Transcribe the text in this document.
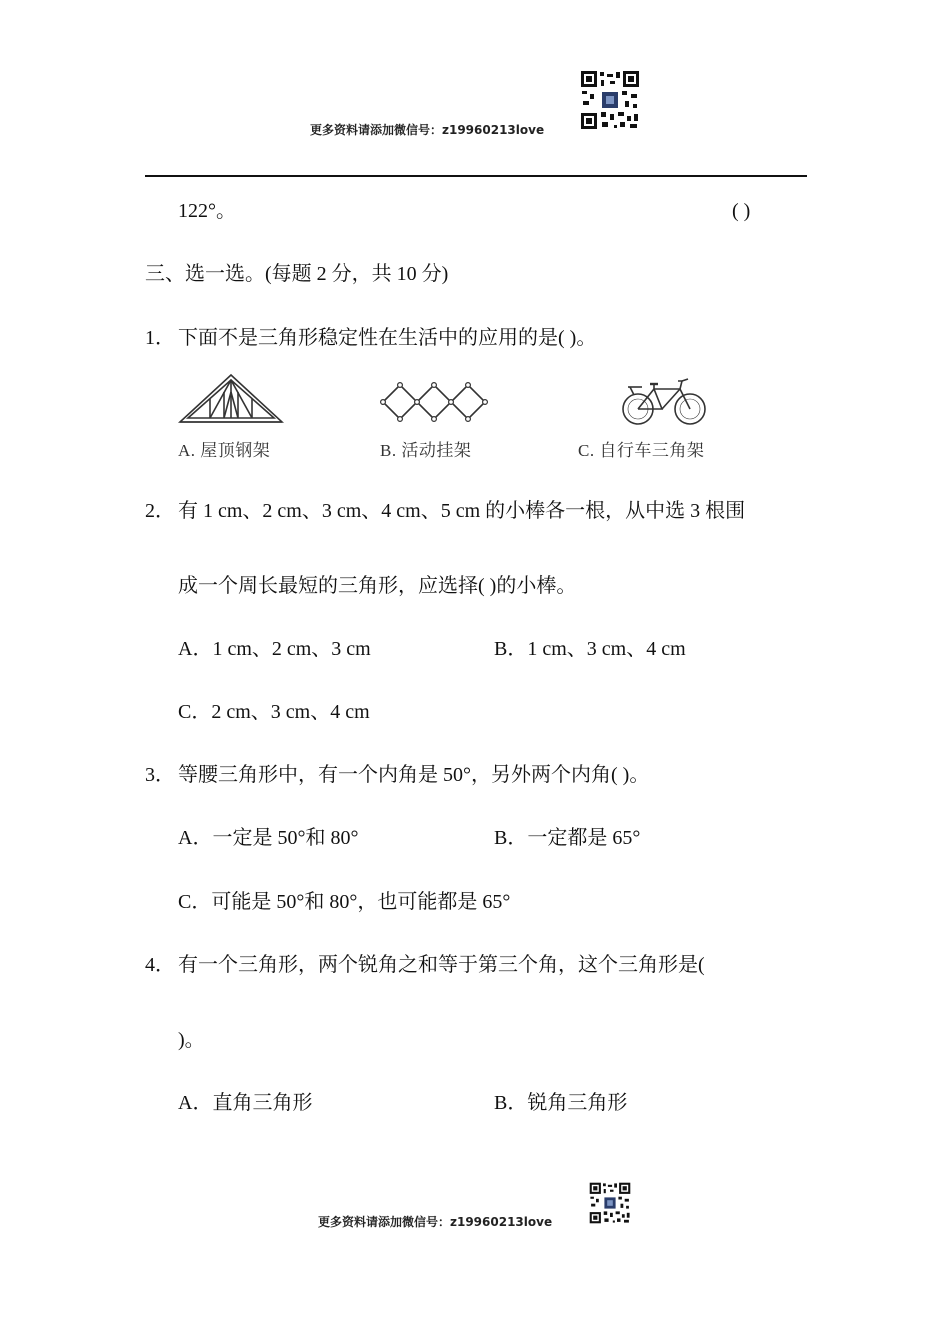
更多资料请添加微信号：z19960213love
122°。	( )
三、选一选。(每题 2 分，共 10 分)
1． 下面不是三角形稳定性在生活中的应用的是( )。
A. 屋顶钢架	B. 活动挂架	C. 自行车三角架
2． 有 1 cm、2 cm、3 cm、4 cm、5 cm 的小棒各一根，从中选 3 根围
成一个周长最短的三角形，应选择( )的小棒。
A．1 cm、2 cm、3 cm	B．1 cm、3 cm、4 cm
C．2 cm、3 cm、4 cm
3． 等腰三角形中，有一个内角是 50°，另外两个内角( )。
A．一定是 50°和 80°	B．一定都是 65°
C．可能是 50°和 80°，也可能都是 65°
4． 有一个三角形，两个锐角之和等于第三个角，这个三角形是(
)。
A．直角三角形	B．锐角三角形
更多资料请添加微信号：z19960213love
